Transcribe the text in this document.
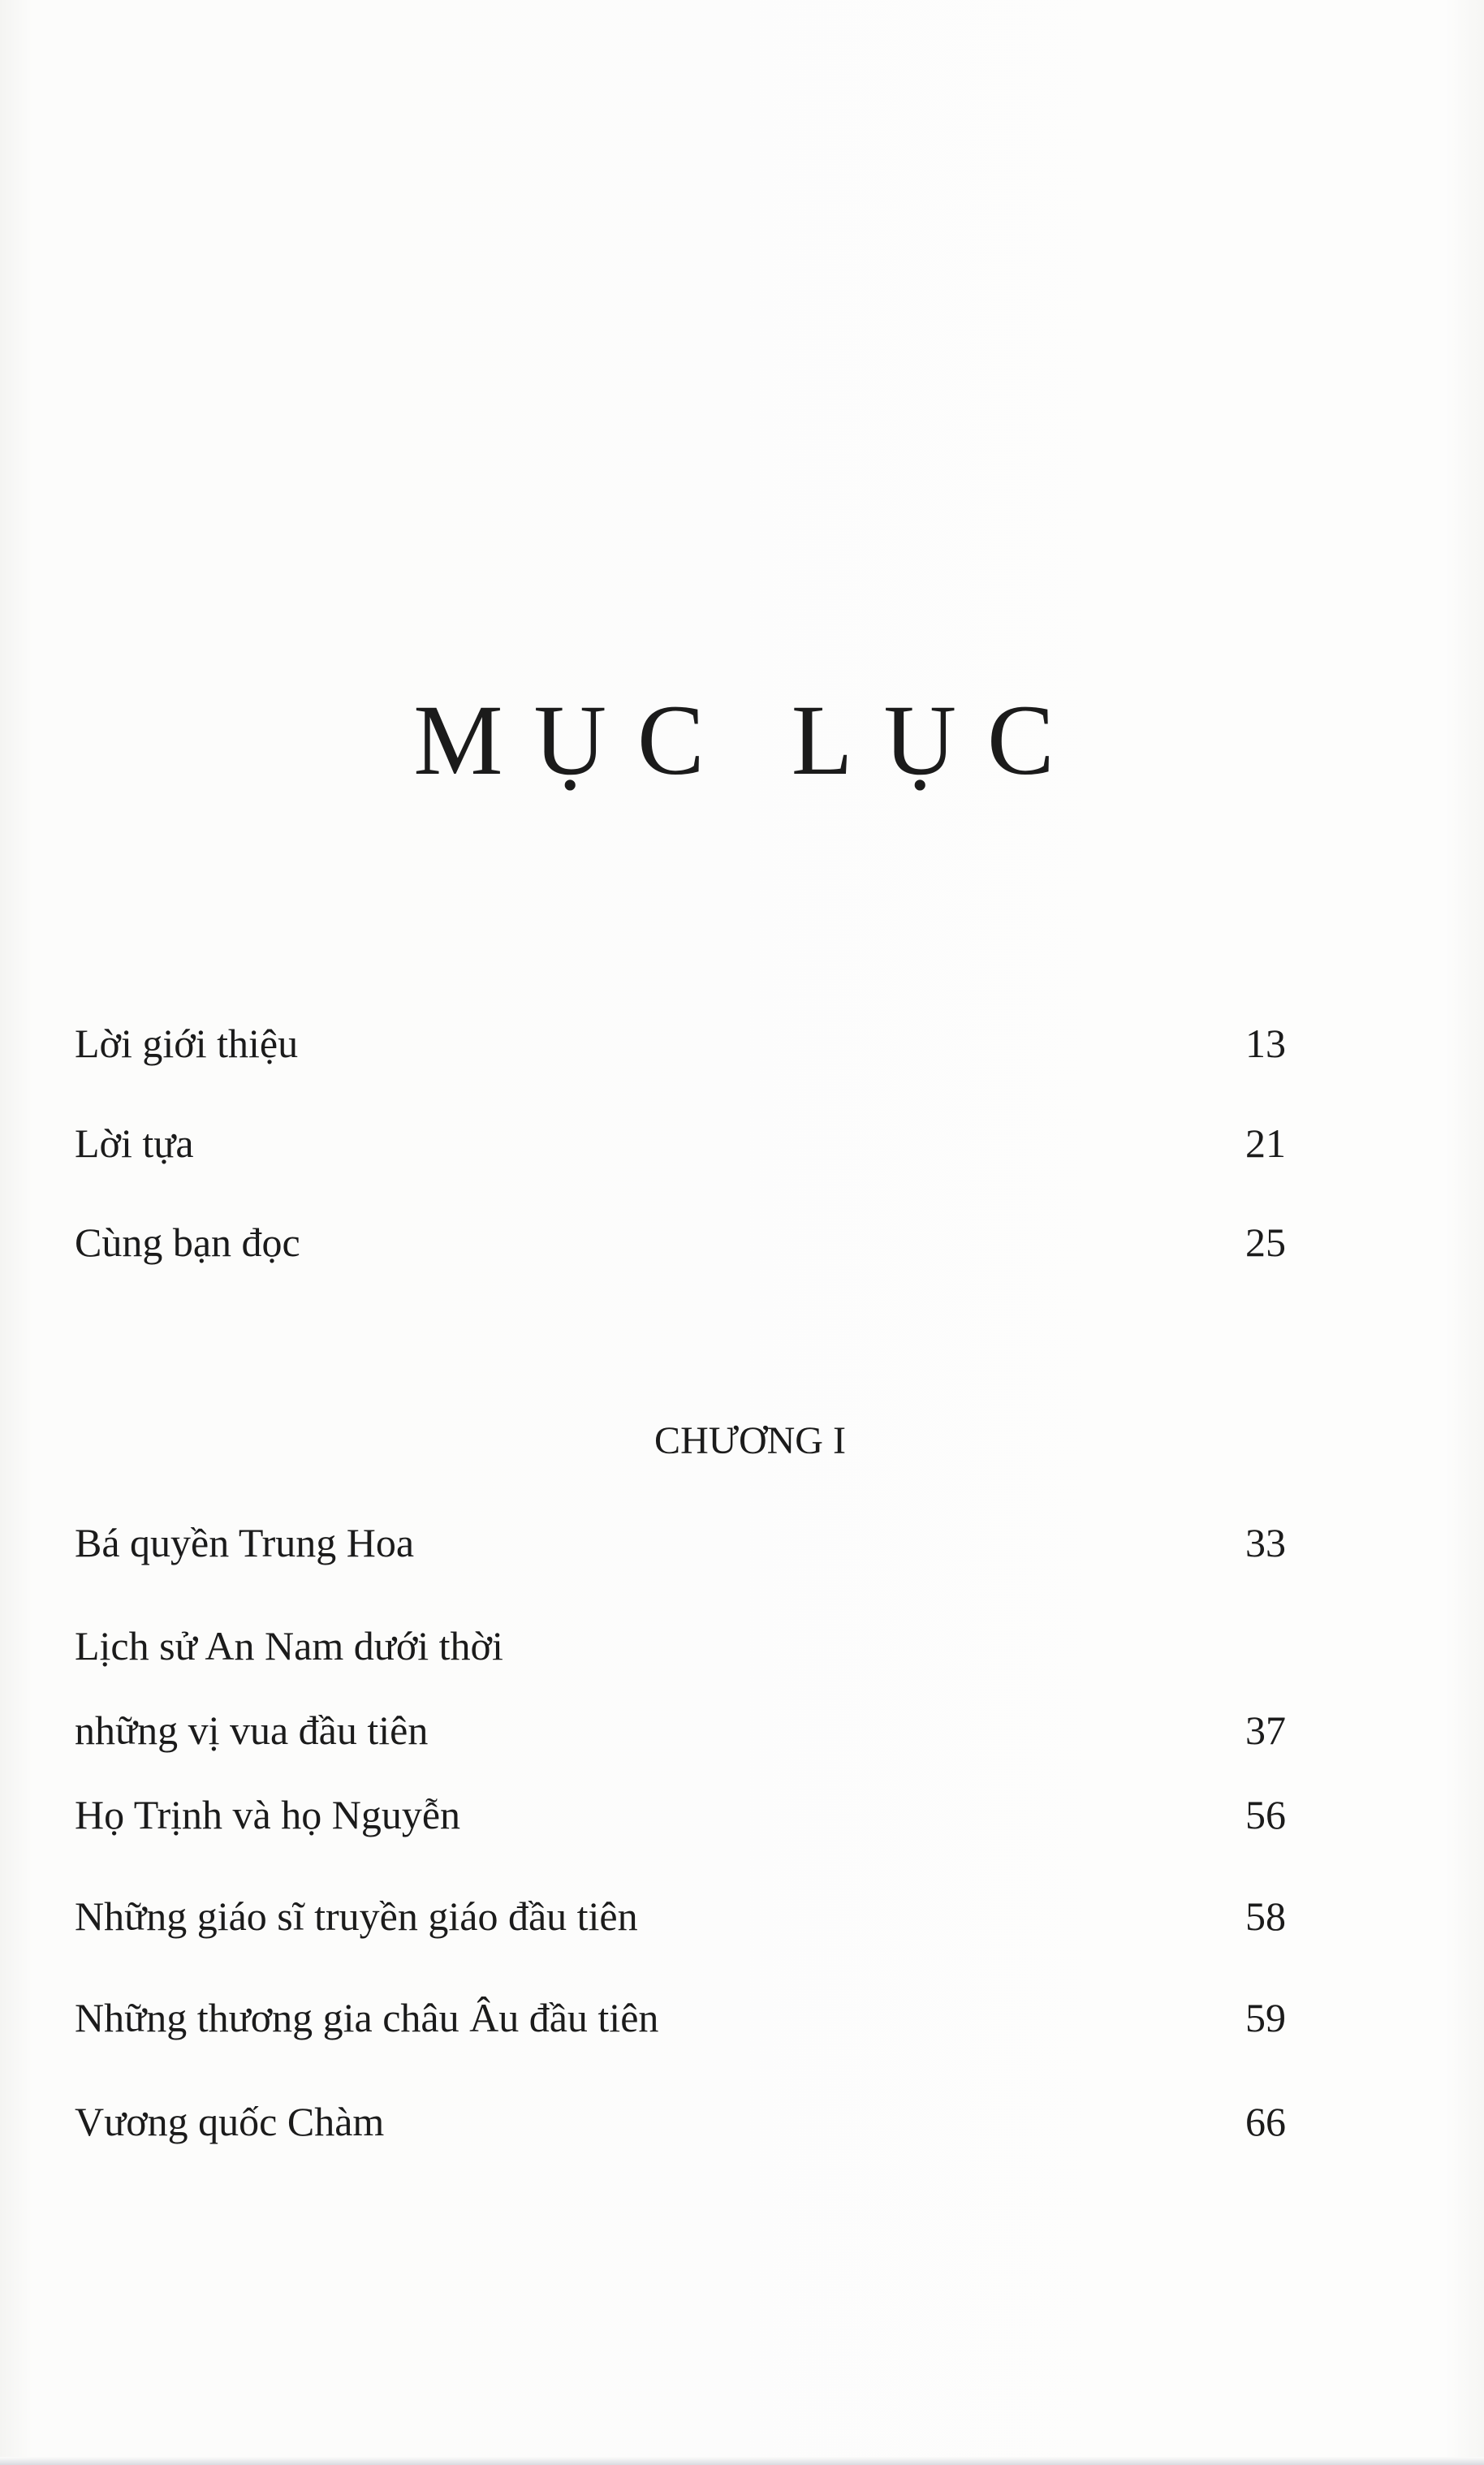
MỤC LỤC
Lời giới thiệu	13
Lời tựa	21
Cùng bạn đọc	25
CHƯƠNG I
Bá quyền Trung Hoa	33
Lịch sử An Nam dưới thời
những vị vua đầu tiên	37
Họ Trịnh và họ Nguyễn	56
Những giáo sĩ truyền giáo đầu tiên	58
Những thương gia châu Âu đầu tiên	59
Vương quốc Chàm	66
